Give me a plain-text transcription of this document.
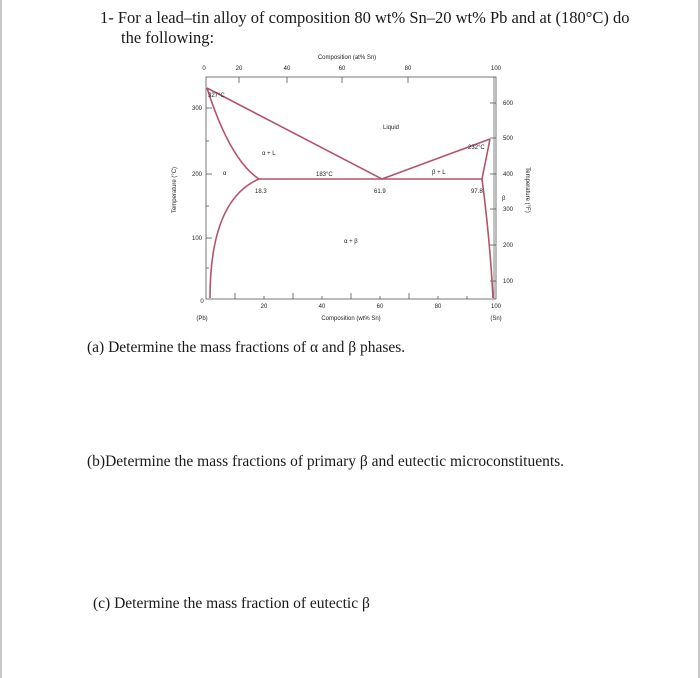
1- For a lead–tin alloy of composition 80 wt% Sn–20 wt% Pb and at (180°C) do
the following:
Composition (at% Sn)
0	20	40	60	80	100
300
200
100
600
500
400
300
200
100
Temperature (°C)	Temperature (°F)
0
20	40	60	80	100
(Pb)	(Sn)
Composition (wt% Sn)
327°C
232°C
183°C
Liquid
α + L
β + L
α + β
α
β
18.3	61.9	97.8
(a) Determine the mass fractions of α and β phases.
(b)Determine the mass fractions of primary β and eutectic microconstituents.
(c) Determine the mass fraction of eutectic β
